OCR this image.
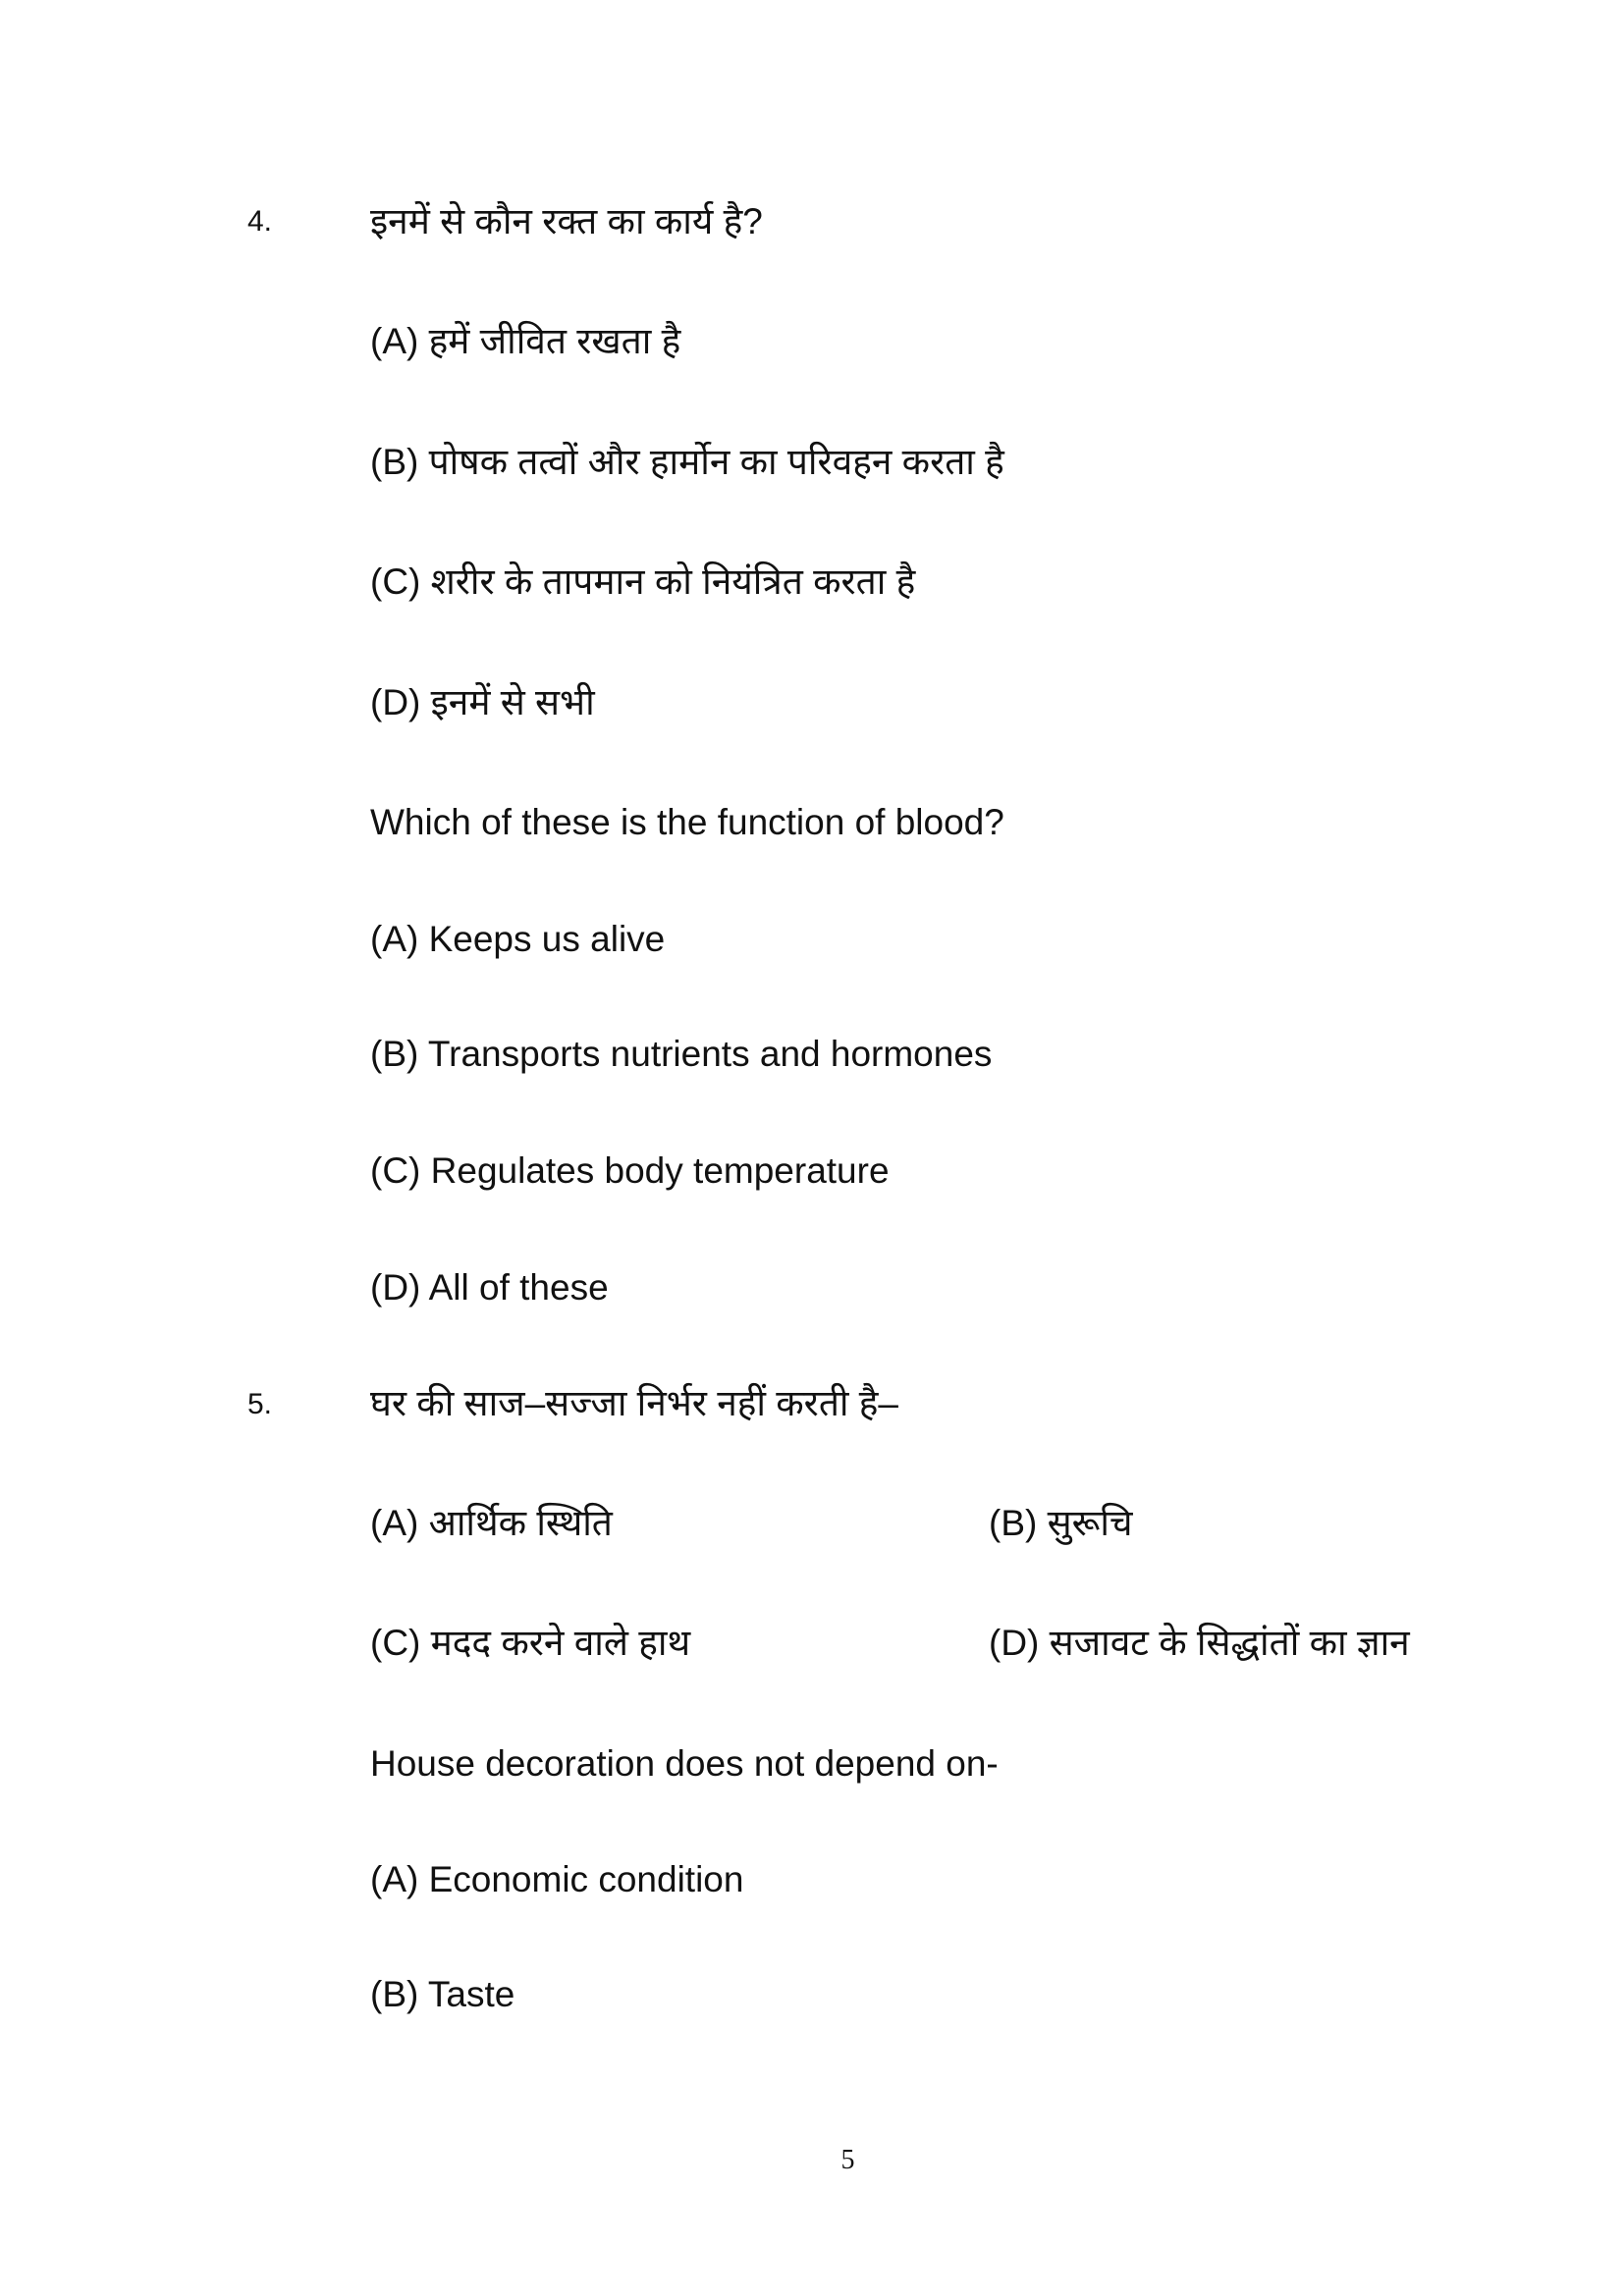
4.	इनमें से कौन रक्त का कार्य है?
(A) हमें जीवित रखता है
(B) पोषक तत्वों और हार्मोन का परिवहन करता है
(C) शरीर के तापमान को नियंत्रित करता है
(D) इनमें से सभी
Which of these is the function of blood?
(A) Keeps us alive
(B) Transports nutrients and hormones
(C) Regulates body temperature
(D) All of these
5.	घर की साज–सज्जा निर्भर नहीं करती है–
(A) आर्थिक स्थिति	(B) सुरूचि
(C) मदद करने वाले हाथ	(D) सजावट के सिद्धांतों का ज्ञान
House decoration does not depend on-
(A) Economic condition
(B) Taste
5
